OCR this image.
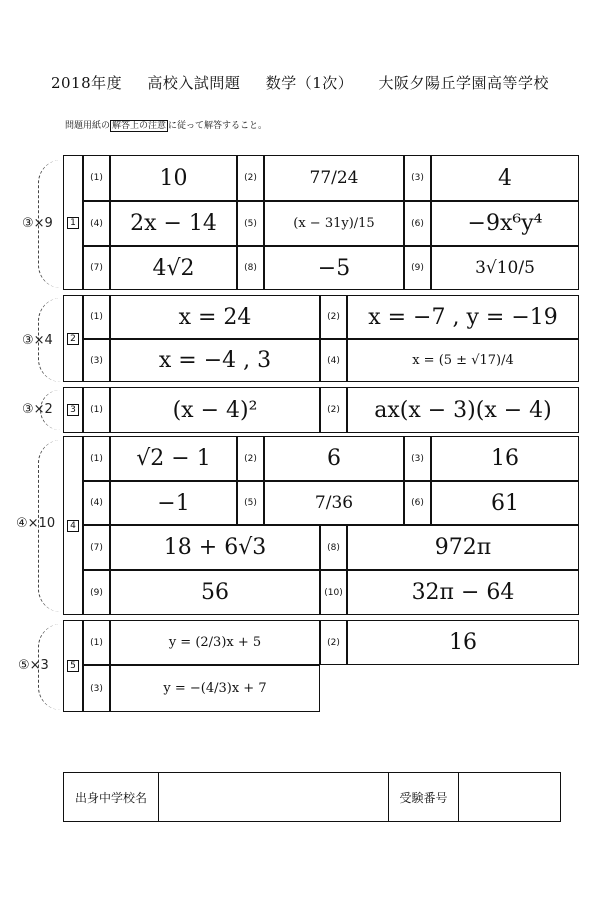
2018年度 高校入試問題 数学（1次） 大阪夕陽丘学園高等学校
問題用紙の 解答上の注意 に従って解答すること。
1
2
3
4
5
(1)	10	(2)	77/24	(3)	4
(4) 2x − 14	(5)	(x − 31y)/15	(6) −9x⁶y⁴
(7) 4√2	(8)	−5	(9)	3√10/5
(1)	x = 24	(2) x = −7 , y = −19
(3)	x = −4 , 3	(4)	x = (5 ± √17)/4
(1)	(x − 4)²	(2) ax(x − 3)(x − 4)
(1) √2 − 1	(2)	6	(3)	16
(4) −1	(5)	7/36	(6)	61
(7)	18 + 6√3	(8)	972π
(9)	56	(10)	32π − 64
(1)	y = (2/3)x + 5	(2)	16
(3)	y = −(4/3)x + 7
③×9
③×4
③×2
④×10
⑤×3
出身中学校名	受験番号
